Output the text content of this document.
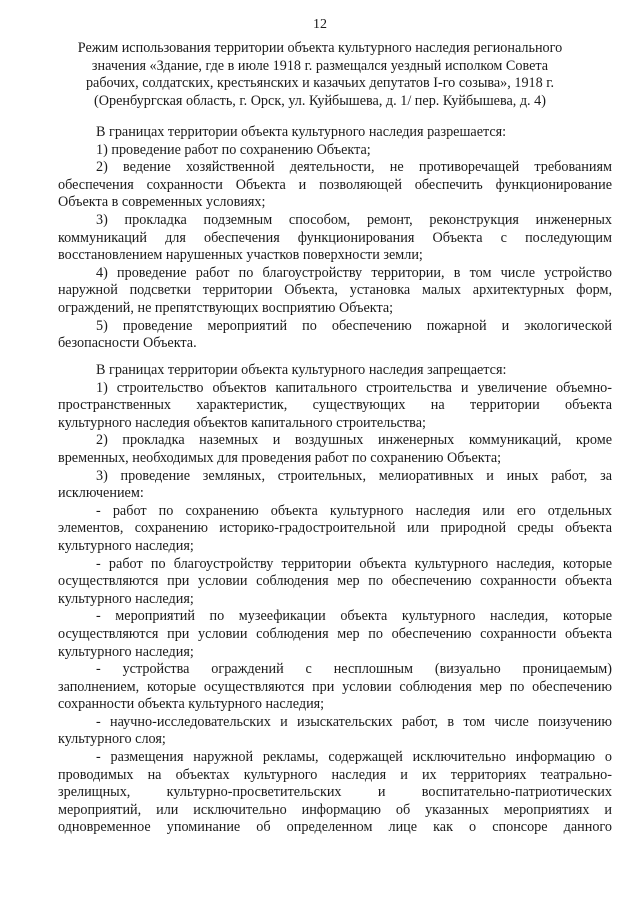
12
Режим использования территории объекта культурного наследия регионального
значения «Здание, где в июле 1918 г. размещался уездный исполком Совета
рабочих, солдатских, крестьянских и казачьих депутатов I-го созыва», 1918 г.
(Оренбургская область, г. Орск, ул. Куйбышева, д. 1/ пер. Куйбышева, д. 4)
В границах территории объекта культурного наследия разрешается:
1) проведение работ по сохранению Объекта;
2) ведение хозяйственной деятельности, не противоречащей требованиям
обеспечения сохранности Объекта и позволяющей обеспечить функционирование
Объекта в современных условиях;
3) прокладка подземным способом, ремонт, реконструкция инженерных
коммуникаций для обеспечения функционирования Объекта с последующим
восстановлением нарушенных участков поверхности земли;
4) проведение работ по благоустройству территории, в том числе устройство
наружной подсветки территории Объекта, установка малых архитектурных форм,
ограждений, не препятствующих восприятию Объекта;
5) проведение мероприятий по обеспечению пожарной и экологической
безопасности Объекта.
В границах территории объекта культурного наследия запрещается:
1) строительство объектов капитального строительства и увеличение объемно-
пространственных характеристик, существующих на территории объекта
культурного наследия объектов капитального строительства;
2) прокладка наземных и воздушных инженерных коммуникаций, кроме
временных, необходимых для проведения работ по сохранению Объекта;
3) проведение земляных, строительных, мелиоративных и иных работ, за
исключением:
- работ по сохранению объекта культурного наследия или его отдельных
элементов, сохранению историко-градостроительной или природной среды объекта
культурного наследия;
- работ по благоустройству территории объекта культурного наследия, которые
осуществляются при условии соблюдения мер по обеспечению сохранности объекта
культурного наследия;
- мероприятий по музеефикации объекта культурного наследия, которые
осуществляются при условии соблюдения мер по обеспечению сохранности объекта
культурного наследия;
- устройства ограждений с несплошным (визуально проницаемым)
заполнением, которые осуществляются при условии соблюдения мер по обеспечению
сохранности объекта культурного наследия;
- научно-исследовательских и изыскательских работ, в том числе поизучению
культурного слоя;
- размещения наружной рекламы, содержащей исключительно информацию о
проводимых на объектах культурного наследия и их территориях театрально-
зрелищных, культурно-просветительских и воспитательно-патриотических
мероприятий, или исключительно информацию об указанных мероприятиях и
одновременное упоминание об определенном лице как о спонсоре данного
